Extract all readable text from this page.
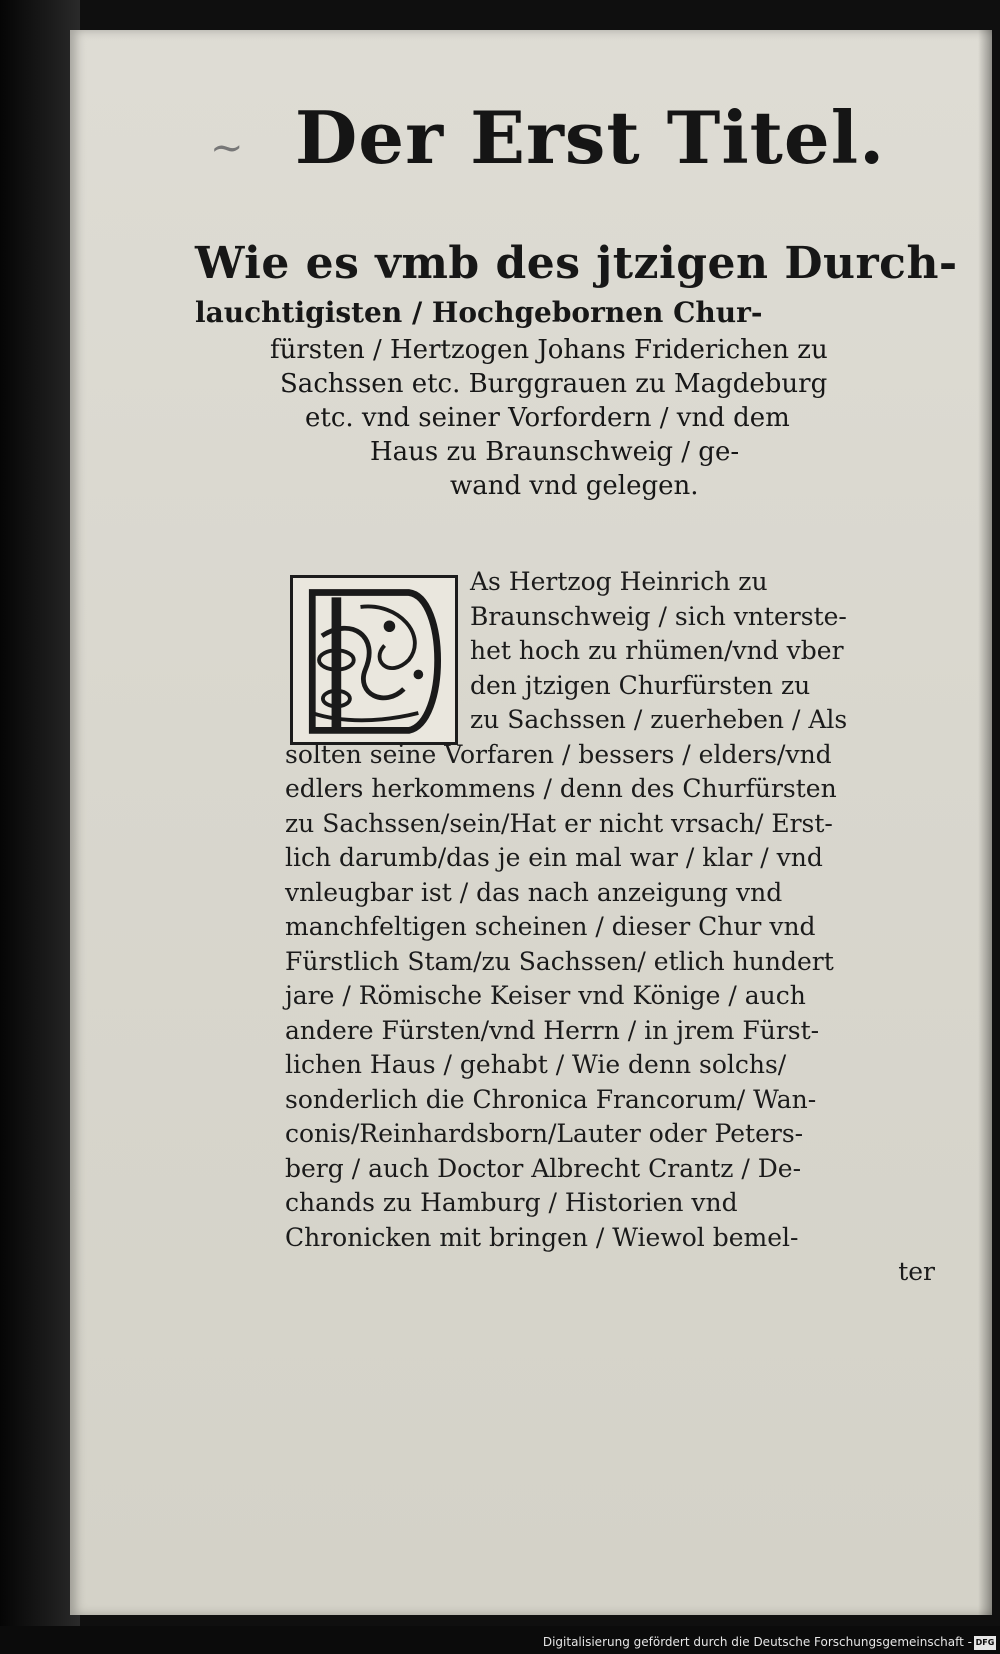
~ Der Erst Titel.
Wie es vmb des jtzigen Durch-
lauchtigisten / Hochgebornen Chur-
fürsten / Hertzogen Johans Friderichen zu
Sachssen etc. Burggrauen zu Magdeburg
etc. vnd seiner Vorfordern / vnd dem
Haus zu Braunschweig / ge-
wand vnd gelegen.
As Hertzog Heinrich zu
Braunschweig / sich vnterste-
het hoch zu rhümen/vnd vber
den jtzigen Churfürsten zu
zu Sachssen / zuerheben / Als
solten seine Vorfaren / bessers / elders/vnd
edlers herkommens / denn des Churfürsten
zu Sachssen/sein/Hat er nicht vrsach/ Erst-
lich darumb/das je ein mal war / klar / vnd
vnleugbar ist / das nach anzeigung vnd
manchfeltigen scheinen / dieser Chur vnd
Fürstlich Stam/zu Sachssen/ etlich hundert
jare / Römische Keiser vnd Könige / auch
andere Fürsten/vnd Herrn / in jrem Fürst-
lichen Haus / gehabt / Wie denn solchs/
sonderlich die Chronica Francorum/ Wan-
conis/Reinhardsborn/Lauter oder Peters-
berg / auch Doctor Albrecht Crantz / De-
chands zu Hamburg / Historien vnd
Chronicken mit bringen / Wiewol bemel-
ter
Digitalisierung gefördert durch die Deutsche Forschungsgemeinschaft - DFG
